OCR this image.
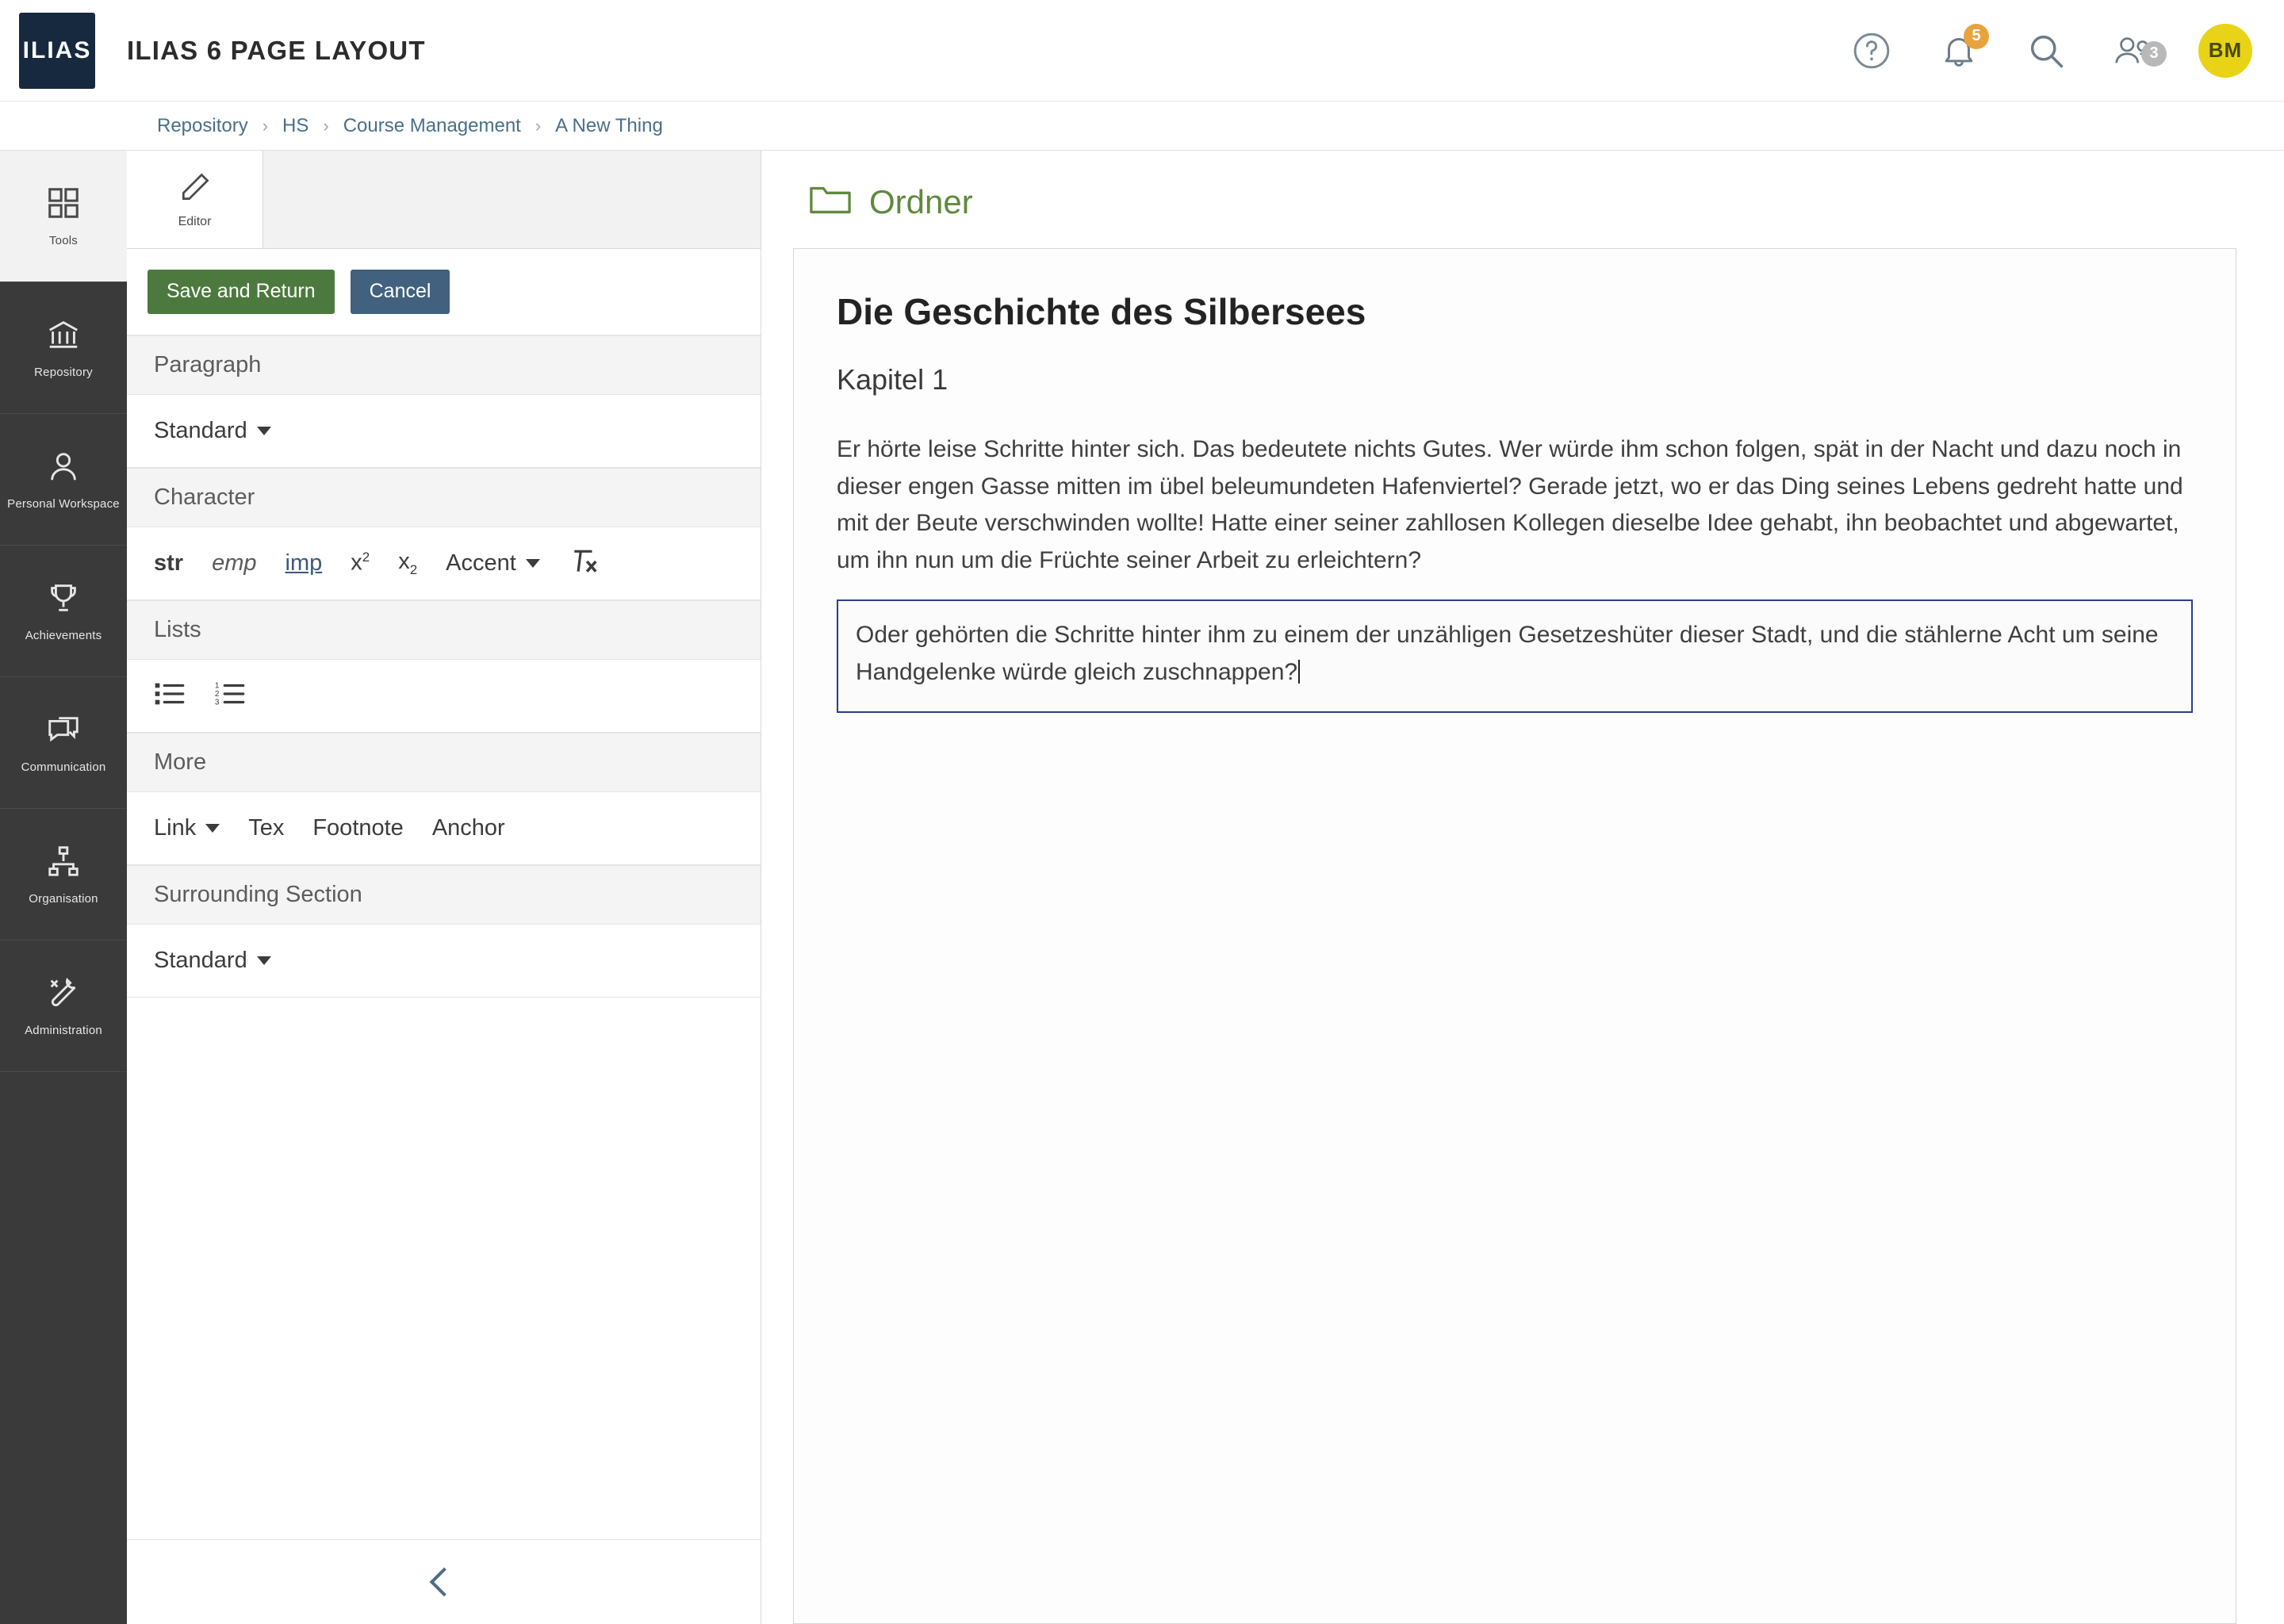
ILIAS ILIAS 6 PAGE LAYOUT	5
3	BM
Repository › HS › Course Management › A New Thing
Tools
Repository
Personal Workspace
Achievements
Communication
Organisation
Administration
Editor
Save and Return	Cancel
Paragraph
Standard
Character
str emp imp $x^2$ $x_2$ Accent
Lists
1
2
3
More
Link Tex Footnote Anchor
Surrounding Section
Standard
Ordner
Die Geschichte des Silbersees
Kapitel 1

Er hörte leise Schritte hinter sich. Das bedeutete nichts Gutes. Wer würde ihm schon folgen, spät in der Nacht und dazu noch in dieser engen Gasse mitten im übel beleumundeten Hafenviertel? Gerade jetzt, wo er das Ding seines Lebens gedreht hatte und mit der Beute verschwinden wollte! Hatte einer seiner zahllosen Kollegen dieselbe Idee gehabt, ihn beobachtet und abgewartet, um ihn nun um die Früchte seiner Arbeit zu erleichtern?

Oder gehörten die Schritte hinter ihm zu einem der unzähligen Gesetzeshüter dieser Stadt, und die stählerne Acht um seine Handgelenke würde gleich zuschnappen?
